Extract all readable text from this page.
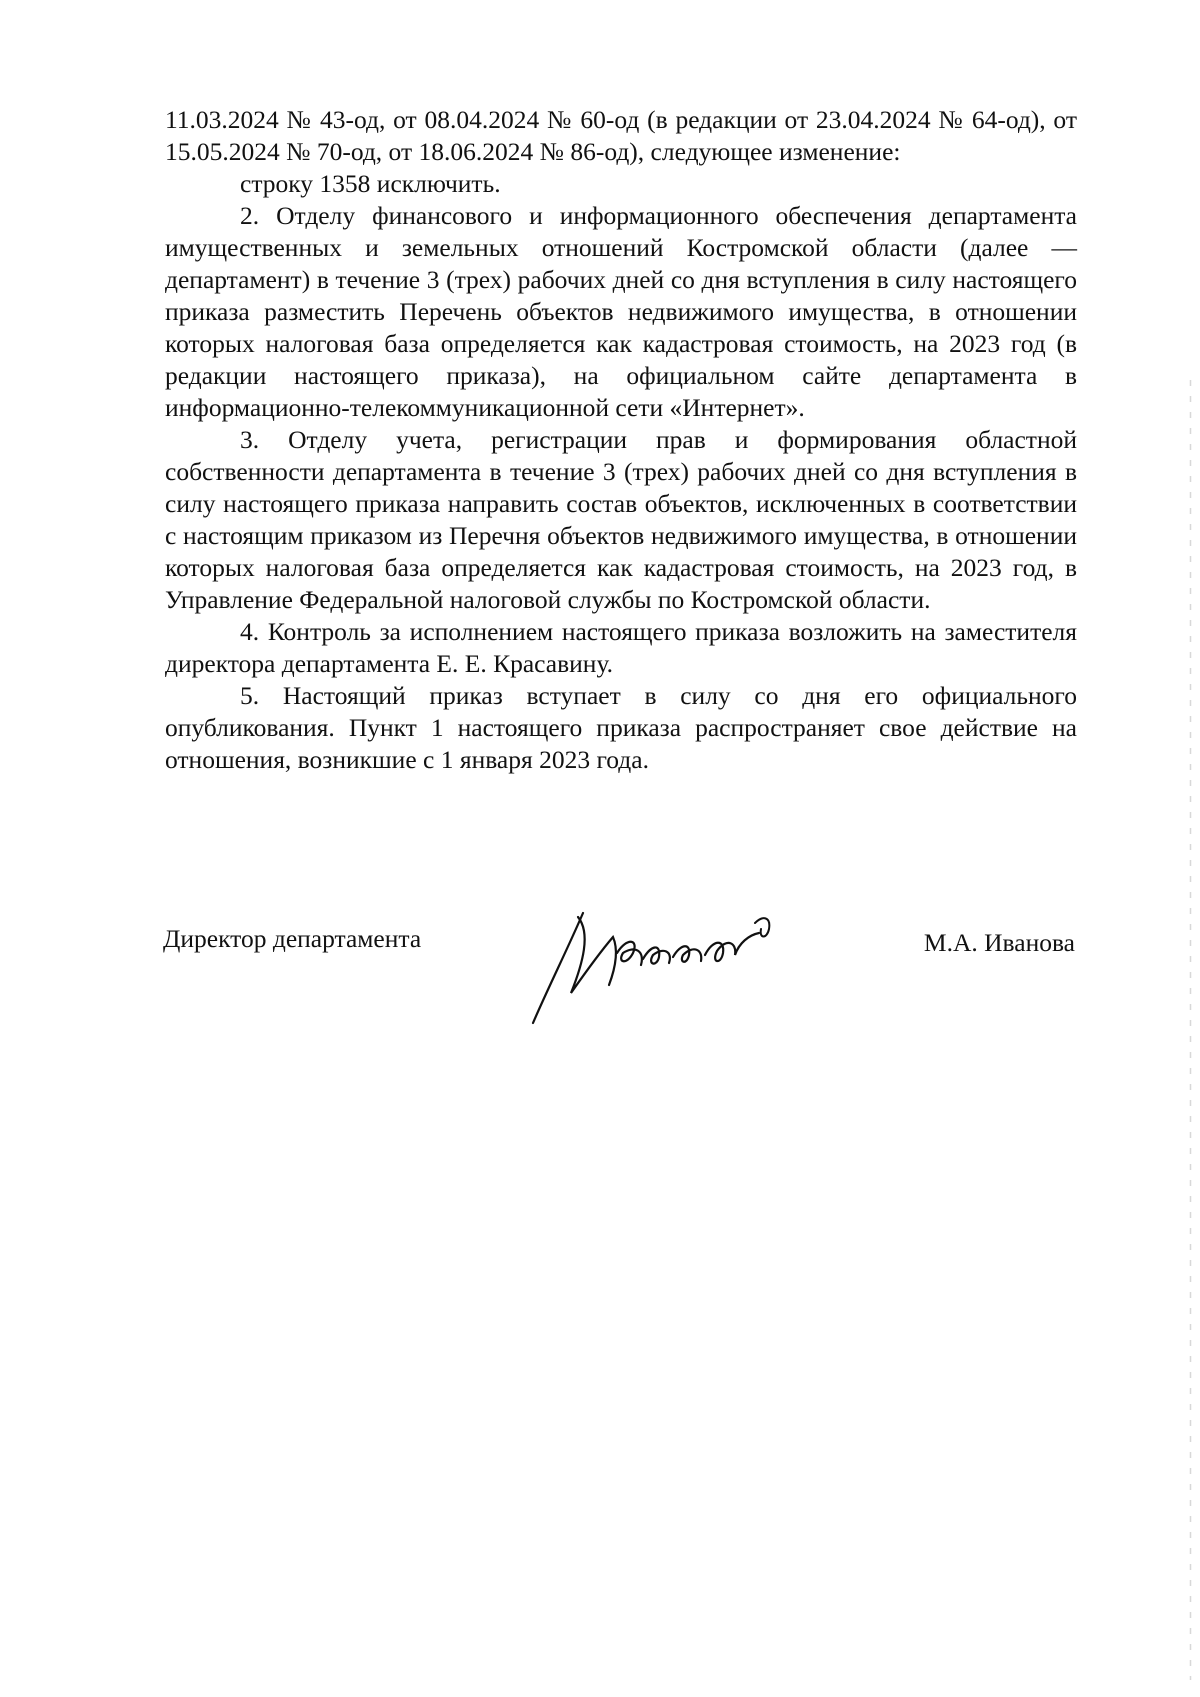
11.03.2024 № 43-од, от 08.04.2024 № 60-од (в редакции от 23.04.2024 № 64-од), от 15.05.2024 № 70-од, от 18.06.2024 № 86-од), следующее изменение:

строку 1358 исключить.

2. Отделу финансового и информационного обеспечения департамента имущественных и земельных отношений Костромской области (далее — департамент) в течение 3 (трех) рабочих дней со дня вступления в силу настоящего приказа разместить Перечень объектов недвижимого имущества, в отношении которых налоговая база определяется как кадастровая стоимость, на 2023 год (в редакции настоящего приказа), на официальном сайте департамента в информационно-телекоммуникационной сети «Интернет».

3. Отделу учета, регистрации прав и формирования областной собственности департамента в течение 3 (трех) рабочих дней со дня вступления в силу настоящего приказа направить состав объектов, исключенных в соответствии с настоящим приказом из Перечня объектов недвижимого имущества, в отношении которых налоговая база определяется как кадастровая стоимость, на 2023 год, в Управление Федеральной налоговой службы по Костромской области.

4. Контроль за исполнением настоящего приказа возложить на заместителя директора департамента Е. Е. Красавину.

5. Настоящий приказ вступает в силу со дня его официального опубликования. Пункт 1 настоящего приказа распространяет свое действие на отношения, возникшие с 1 января 2023 года.

Директор департамента	М.А. Иванова
